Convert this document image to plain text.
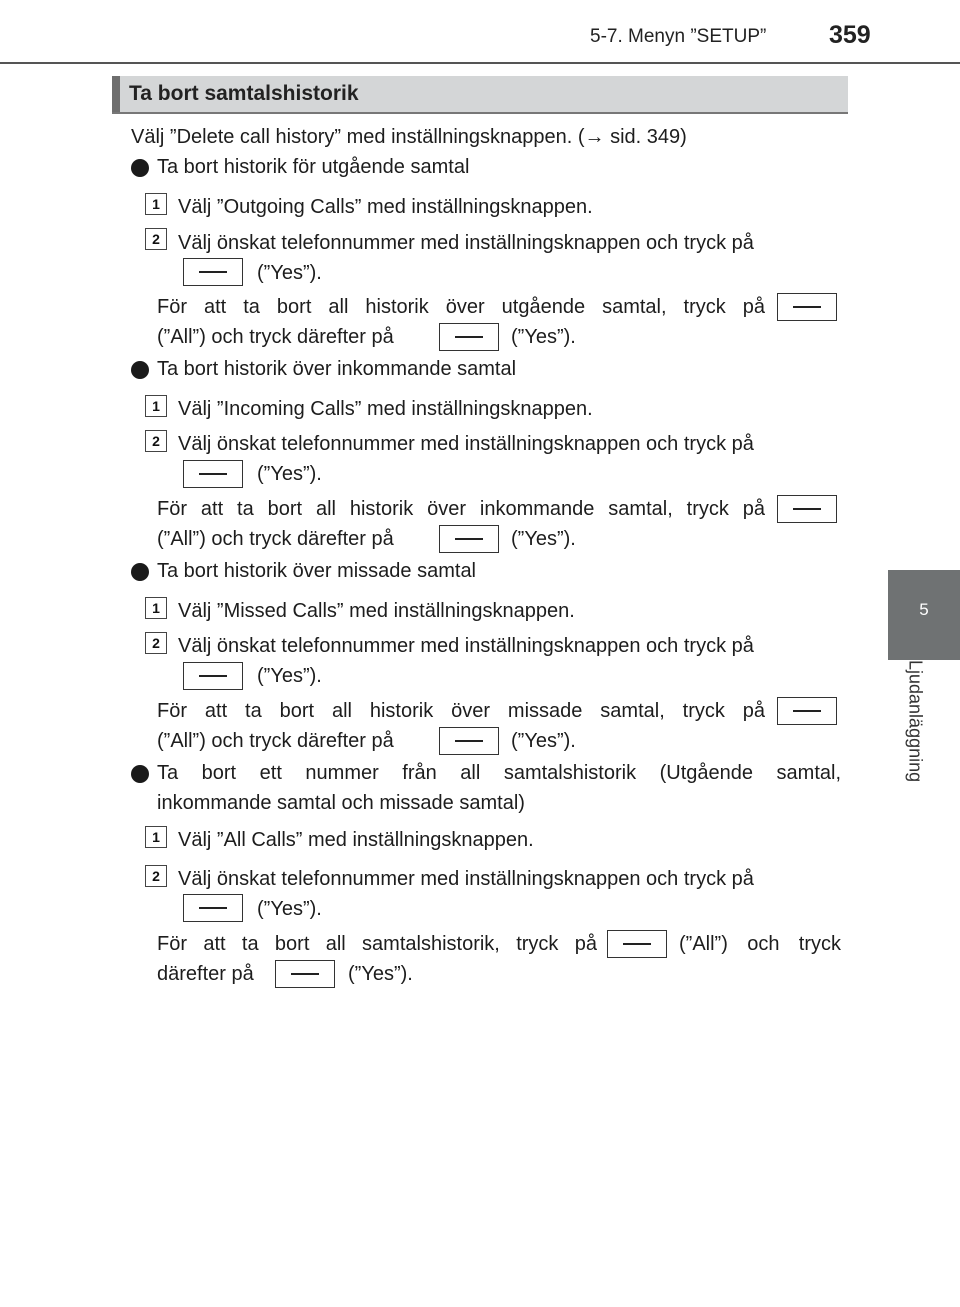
5-7. Menyn ”SETUP”	359
5
Ljudanläggning
Ta bort samtalshistorik
Välj ”Delete call history” med inställningsknappen. (→ sid. 349)
Ta bort historik för utgående samtal
1 Välj ”Outgoing Calls” med inställningsknappen.
2 Välj önskat telefonnummer med inställningsknappen och tryck på
(”Yes”).
För att ta bort all historik över utgående samtal, tryck på
(”All”) och tryck därefter på	(”Yes”).
Ta bort historik över inkommande samtal
1 Välj ”Incoming Calls” med inställningsknappen.
2 Välj önskat telefonnummer med inställningsknappen och tryck på
(”Yes”).
För att ta bort all historik över inkommande samtal, tryck på
(”All”) och tryck därefter på	(”Yes”).
Ta bort historik över missade samtal
1 Välj ”Missed Calls” med inställningsknappen.
2 Välj önskat telefonnummer med inställningsknappen och tryck på
(”Yes”).
För att ta bort all historik över missade samtal, tryck på
(”All”) och tryck därefter på	(”Yes”).
Ta bort ett nummer från all samtalshistorik (Utgående samtal,
inkommande samtal och missade samtal)
1 Välj ”All Calls” med inställningsknappen.
2 Välj önskat telefonnummer med inställningsknappen och tryck på
(”Yes”).
För att ta bort all samtalshistorik, tryck på	(”All”) och tryck
därefter på	(”Yes”).
